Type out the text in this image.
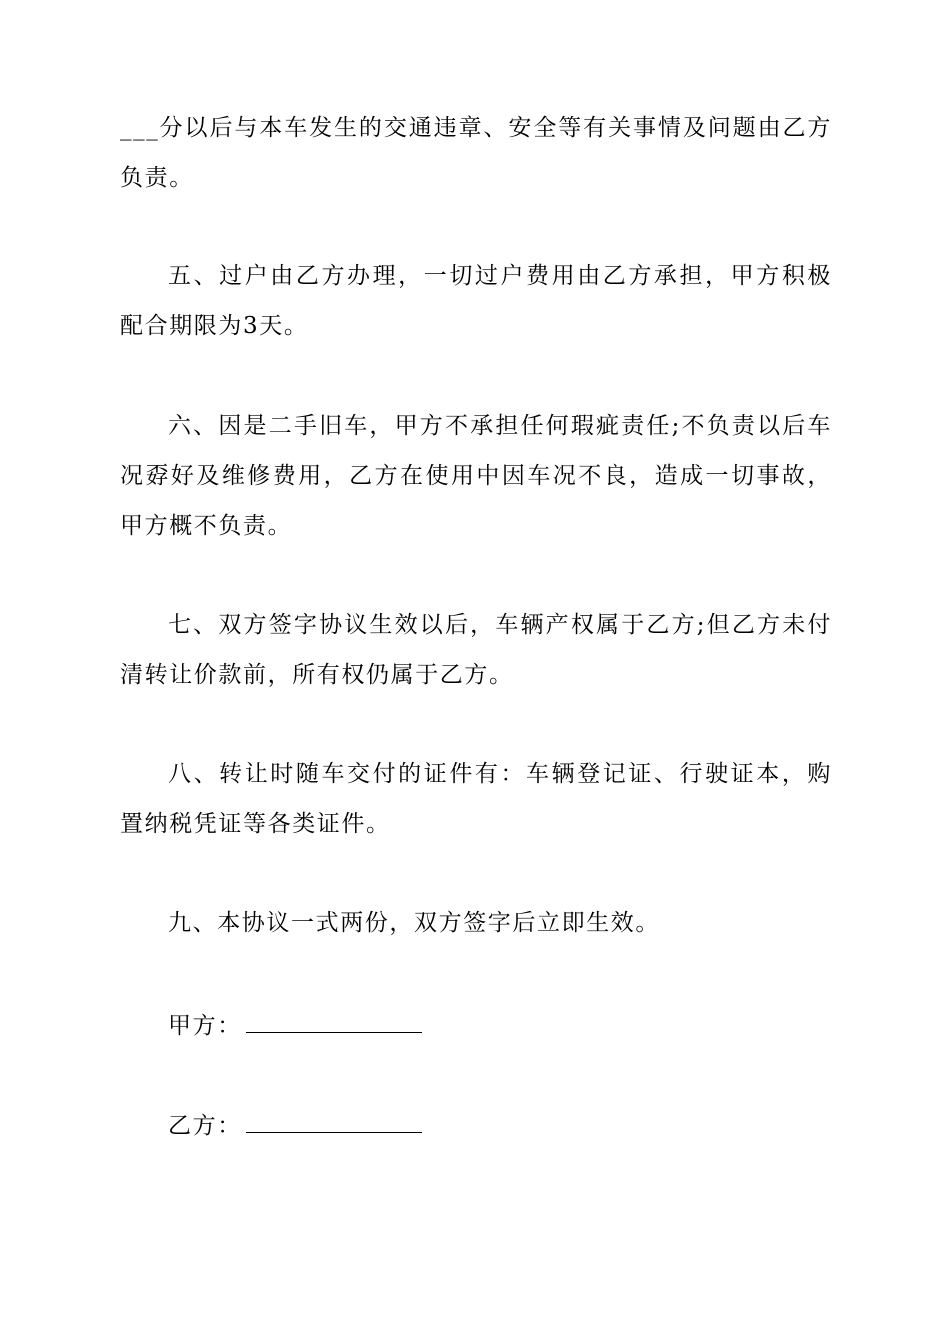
___分以后与本车发生的交通违章、安全等有关事情及问题由乙方负责。

五、过户由乙方办理，一切过户费用由乙方承担，甲方积极配合期限为3天。

六、因是二手旧车，甲方不承担任何瑕疵责任;不负责以后车况孬好及维修费用，乙方在使用中因车况不良，造成一切事故，甲方概不负责。

七、双方签字协议生效以后，车辆产权属于乙方;但乙方未付清转让价款前，所有权仍属于乙方。

八、转让时随车交付的证件有：车辆登记证、行驶证本，购置纳税凭证等各类证件。

九、本协议一式两份，双方签字后立即生效。

甲方：
乙方：
